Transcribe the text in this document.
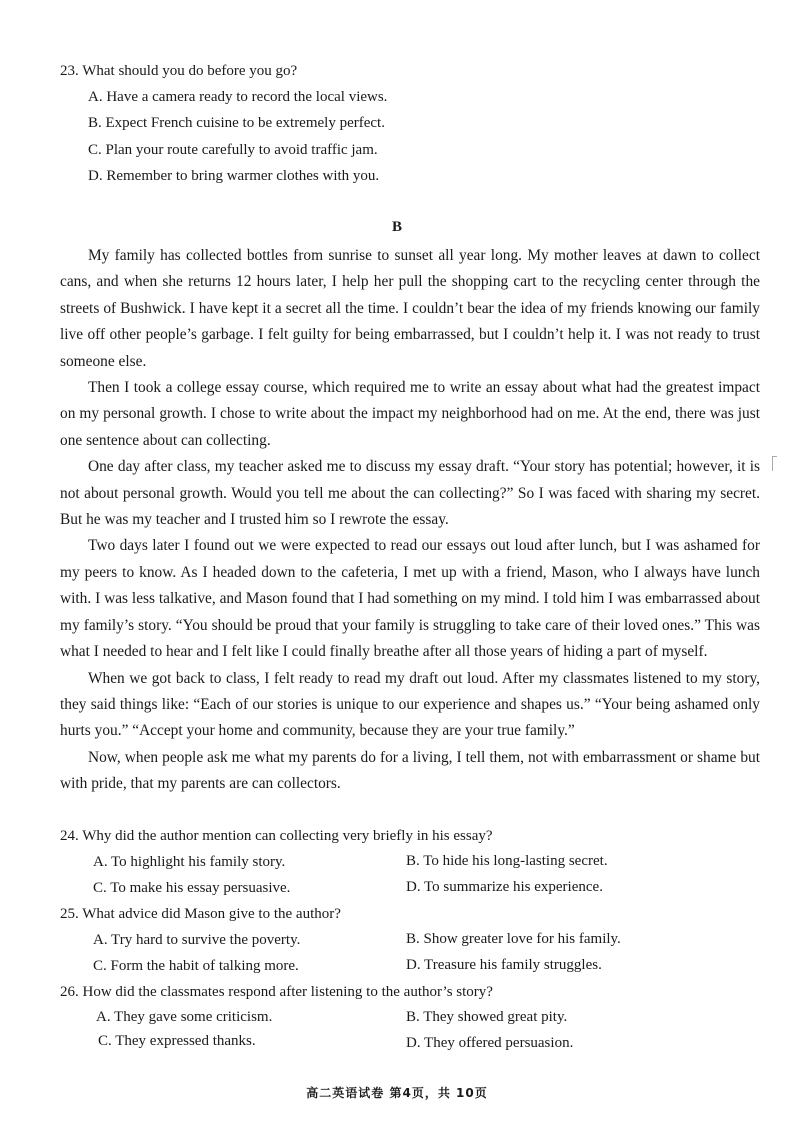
23. What should you do before you go?
A. Have a camera ready to record the local views.
B. Expect French cuisine to be extremely perfect.
C. Plan your route carefully to avoid traffic jam.
D. Remember to bring warmer clothes with you.
B

My family has collected bottles from sunrise to sunset all year long. My mother leaves at dawn to collect cans, and when she returns 12 hours later, I help her pull the shopping cart to the recycling center through the streets of Bushwick. I have kept it a secret all the time. I couldn’t bear the idea of my friends knowing our family live off other people’s garbage. I felt guilty for being embarrassed, but I couldn’t help it. I was not ready to trust someone else.

Then I took a college essay course, which required me to write an essay about what had the greatest impact on my personal growth. I chose to write about the impact my neighborhood had on me. At the end, there was just one sentence about can collecting.

One day after class, my teacher asked me to discuss my essay draft. “Your story has potential; however, it is not about personal growth. Would you tell me about the can collecting?” So I was faced with sharing my secret. But he was my teacher and I trusted him so I rewrote the essay.

Two days later I found out we were expected to read our essays out loud after lunch, but I was ashamed for my peers to know. As I headed down to the cafeteria, I met up with a friend, Mason, who I always have lunch with. I was less talkative, and Mason found that I had something on my mind. I told him I was embarrassed about my family’s story. “You should be proud that your family is struggling to take care of their loved ones.” This was what I needed to hear and I felt like I could finally breathe after all those years of hiding a part of myself.

When we got back to class, I felt ready to read my draft out loud. After my classmates listened to my story, they said things like: “Each of our stories is unique to our experience and shapes us.” “Your being ashamed only hurts you.” “Accept your home and community, because they are your true family.”

Now, when people ask me what my parents do for a living, I tell them, not with embarrassment or shame but with pride, that my parents are can collectors.

24. Why did the author mention can collecting very briefly in his essay?
A. To highlight his family story.	B. To hide his long-lasting secret.
C. To make his essay persuasive.	D. To summarize his experience.
25. What advice did Mason give to the author?
A. Try hard to survive the poverty.	B. Show greater love for his family.
C. Form the habit of talking more.	D. Treasure his family struggles.
26. How did the classmates respond after listening to the author’s story?
A. They gave some criticism.	B. They showed great pity.
C. They expressed thanks.	D. They offered persuasion.
高二英语试卷 第4页，共 10页
